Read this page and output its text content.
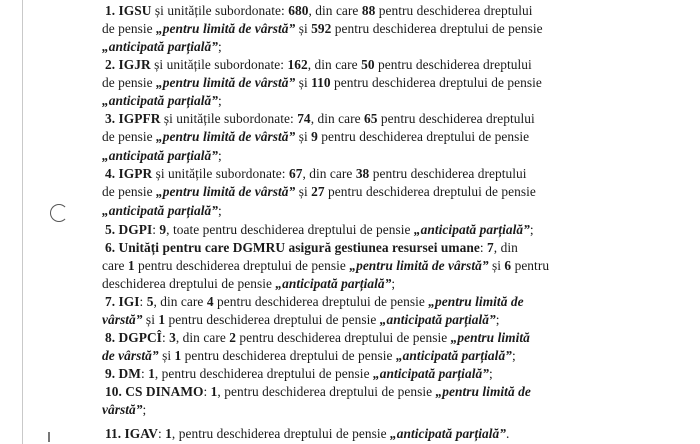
1. IGSU și unitățile subordonate: 680, din care 88 pentru deschiderea dreptului
de pensie „pentru limită de vârstă” și 592 pentru deschiderea dreptului de pensie
„anticipată parțială”;
2. IGJR și unitățile subordonate: 162, din care 50 pentru deschiderea dreptului
de pensie „pentru limită de vârstă” și 110 pentru deschiderea dreptului de pensie
„anticipată parțială”;
3. IGPFR și unitățile subordonate: 74, din care 65 pentru deschiderea dreptului
de pensie „pentru limită de vârstă” și 9 pentru deschiderea dreptului de pensie
„anticipată parțială”;
4. IGPR și unitățile subordonate: 67, din care 38 pentru deschiderea dreptului
de pensie „pentru limită de vârstă” și 27 pentru deschiderea dreptului de pensie
„anticipată parțială”;
5. DGPI: 9, toate pentru deschiderea dreptului de pensie „anticipată parțială”;
6. Unități pentru care DGMRU asigură gestiunea resursei umane: 7, din
care 1 pentru deschiderea dreptului de pensie „pentru limită de vârstă” și 6 pentru
deschiderea dreptului de pensie „anticipată parțială”;
7. IGI: 5, din care 4 pentru deschiderea dreptului de pensie „pentru limită de
vârstă” și 1 pentru deschiderea dreptului de pensie „anticipată parțială”;
8. DGPCÎ: 3, din care 2 pentru deschiderea dreptului de pensie „pentru limită
de vârstă” și 1 pentru deschiderea dreptului de pensie „anticipată parțială”;
9. DM: 1, pentru deschiderea dreptului de pensie „anticipată parțială”;
10. CS DINAMO: 1, pentru deschiderea dreptului de pensie „pentru limită de
vârstă”;
11. IGAV: 1, pentru deschiderea dreptului de pensie „anticipată parțială”.
